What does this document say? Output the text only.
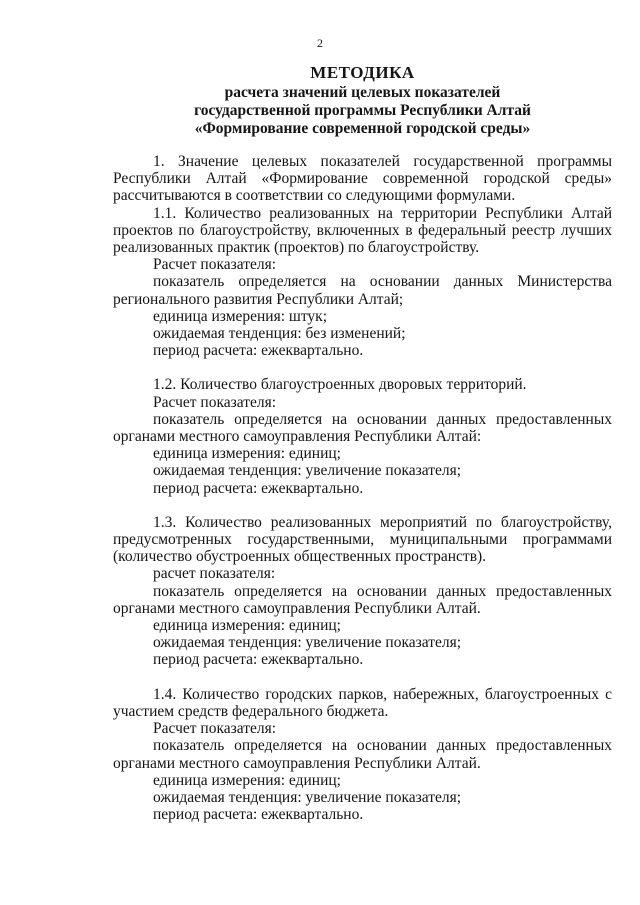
2
МЕТОДИКА
расчета значений целевых показателей
государственной программы Республики Алтай
«Формирование современной городской среды»

1. Значение целевых показателей государственной программы Республики Алтай «Формирование современной городской среды» рассчитываются в соответствии со следующими формулами.

1.1. Количество реализованных на территории Республики Алтай проектов по благоустройству, включенных в федеральный реестр лучших реализованных практик (проектов) по благоустройству.

Расчет показателя:

показатель определяется на основании данных Министерства регионального развития Республики Алтай;

единица измерения: штук;

ожидаемая тенденция: без изменений;

период расчета: ежеквартально.

1.2. Количество благоустроенных дворовых территорий.

Расчет показателя:

показатель определяется на основании данных предоставленных органами местного самоуправления Республики Алтай:

единица измерения: единиц;

ожидаемая тенденция: увеличение показателя;

период расчета: ежеквартально.

1.3. Количество реализованных мероприятий по благоустройству, предусмотренных государственными, муниципальными программами (количество обустроенных общественных пространств).

расчет показателя:

показатель определяется на основании данных предоставленных органами местного самоуправления Республики Алтай.

единица измерения: единиц;

ожидаемая тенденция: увеличение показателя;

период расчета: ежеквартально.

1.4. Количество городских парков, набережных, благоустроенных с участием средств федерального бюджета.

Расчет показателя:

показатель определяется на основании данных предоставленных органами местного самоуправления Республики Алтай.

единица измерения: единиц;

ожидаемая тенденция: увеличение показателя;

период расчета: ежеквартально.
